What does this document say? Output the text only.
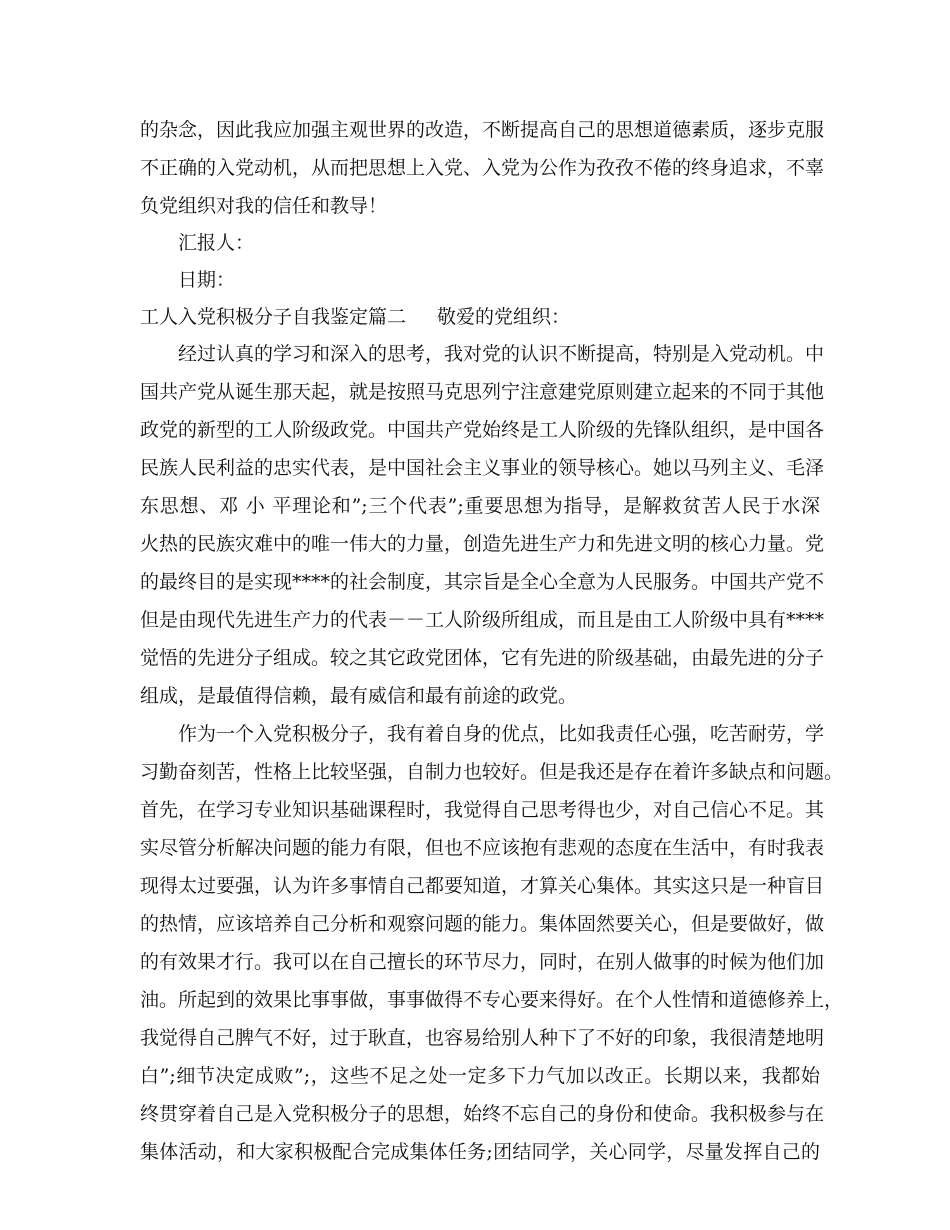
的杂念，因此我应加强主观世界的改造，不断提高自己的思想道德素质，逐步克服
不正确的入党动机，从而把思想上入党、入党为公作为孜孜不倦的终身追求，不辜
负党组织对我的信任和教导！
汇报人：
日期：
工人入党积极分子自我鉴定篇二 敬爱的党组织：
经过认真的学习和深入的思考，我对党的认识不断提高，特别是入党动机。中
国共产党从诞生那天起，就是按照马克思列宁注意建党原则建立起来的不同于其他
政党的新型的工人阶级政党。中国共产党始终是工人阶级的先锋队组织，是中国各
民族人民利益的忠实代表，是中国社会主义事业的领导核心。她以马列主义、毛泽
东思想、邓 小 平理论和”;三个代表”;重要思想为指导，是解救贫苦人民于水深
火热的民族灾难中的唯一伟大的力量，创造先进生产力和先进文明的核心力量。党
的最终目的是实现****的社会制度，其宗旨是全心全意为人民服务。中国共产党不
但是由现代先进生产力的代表－－工人阶级所组成，而且是由工人阶级中具有****
觉悟的先进分子组成。较之其它政党团体，它有先进的阶级基础，由最先进的分子
组成，是最值得信赖，最有威信和最有前途的政党。
作为一个入党积极分子，我有着自身的优点，比如我责任心强，吃苦耐劳，学
习勤奋刻苦，性格上比较坚强，自制力也较好。但是我还是存在着许多缺点和问题。
首先，在学习专业知识基础课程时，我觉得自己思考得也少，对自己信心不足。其
实尽管分析解决问题的能力有限，但也不应该抱有悲观的态度在生活中，有时我表
现得太过要强，认为许多事情自己都要知道，才算关心集体。其实这只是一种盲目
的热情，应该培养自己分析和观察问题的能力。集体固然要关心，但是要做好，做
的有效果才行。我可以在自己擅长的环节尽力，同时，在别人做事的时候为他们加
油。所起到的效果比事事做，事事做得不专心要来得好。在个人性情和道德修养上，
我觉得自己脾气不好，过于耿直，也容易给别人种下了不好的印象，我很清楚地明
白”;细节决定成败”;，这些不足之处一定多下力气加以改正。长期以来，我都始
终贯穿着自己是入党积极分子的思想，始终不忘自己的身份和使命。我积极参与在
集体活动，和大家积极配合完成集体任务;团结同学，关心同学，尽量发挥自己的
